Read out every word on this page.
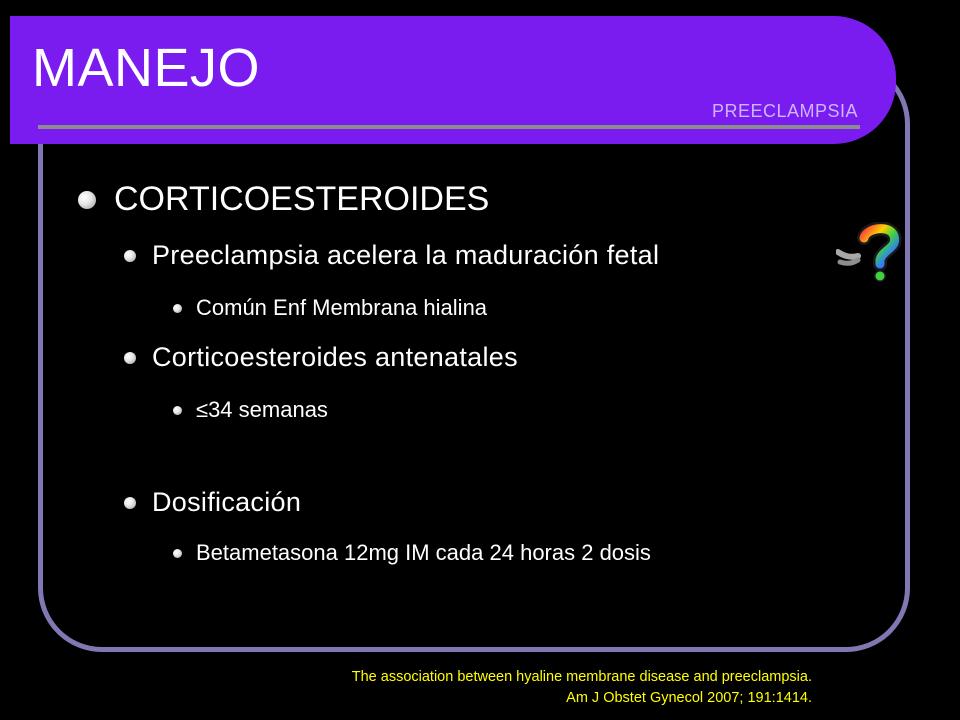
MANEJO
PREECLAMPSIA
CORTICOESTEROIDES
Preeclampsia acelera la maduración fetal
Común Enf Membrana hialina
Corticoesteroides antenatales
≤34 semanas
Dosificación
Betametasona 12mg IM cada 24 horas 2 dosis
The association between hyaline membrane disease and preeclampsia.
Am J Obstet Gynecol 2007; 191:1414.
